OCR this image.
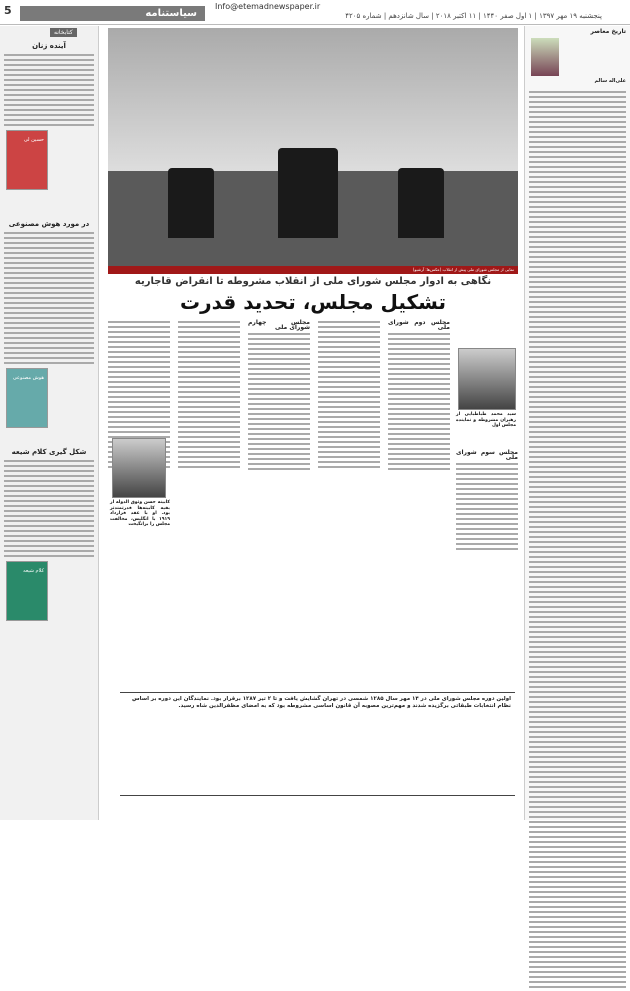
5	سیاستنامه
Info@etemadnewspaper.ir
پنجشنبه ۱۹ مهر ۱۳۹۷ | ۱ اول صفر ۱۴۴۰ | ۱۱ اکتبر ۲۰۱۸ | سال شانزدهم | شماره ۴۲۰۵
کتابخانه
آینده زنان
حسین‌ لی
در مورد هوش مصنوعی
هوش مصنوعی
شکل گیری کلام شیعه
کلام شیعه
تاریخ معاصر
علی‌اله سالم
نمایی از مجلس شورای ملی پیش از انقلاب (عکس‌ها: آرشیو)
نگاهی به ادوار مجلس شورای ملی از انقلاب مشروطه تا انقراض قاجاریه
تشکیل مجلس، تحدید قدرت
کابینه حسن وثوق الدوله از بقیه کابینه‌ها قدرتمندتر بود. او با عقد قرارداد ۱۹۱۹ با انگلیس، مخالفت مجلس را برانگیخت
مجلس چهارم شورای ملی
مجلس دوم شورای ملی
سید محمد طباطبایی از رهبران مشروطه و نماینده مجلس اول
مجلس سوم شورای ملی
اولین دوره مجلس شورای ملی در ۱۴ مهر سال ۱۲۸۵ شمسی در تهران گشایش یافت و تا ۲ تیر ۱۲۸۷ برقرار بود. نمایندگان این دوره بر اساس نظام انتخابات طبقاتی برگزیده شدند و مهم‌ترین مصوبه آن قانون اساسی مشروطه بود که به امضای مظفرالدین شاه رسید.
